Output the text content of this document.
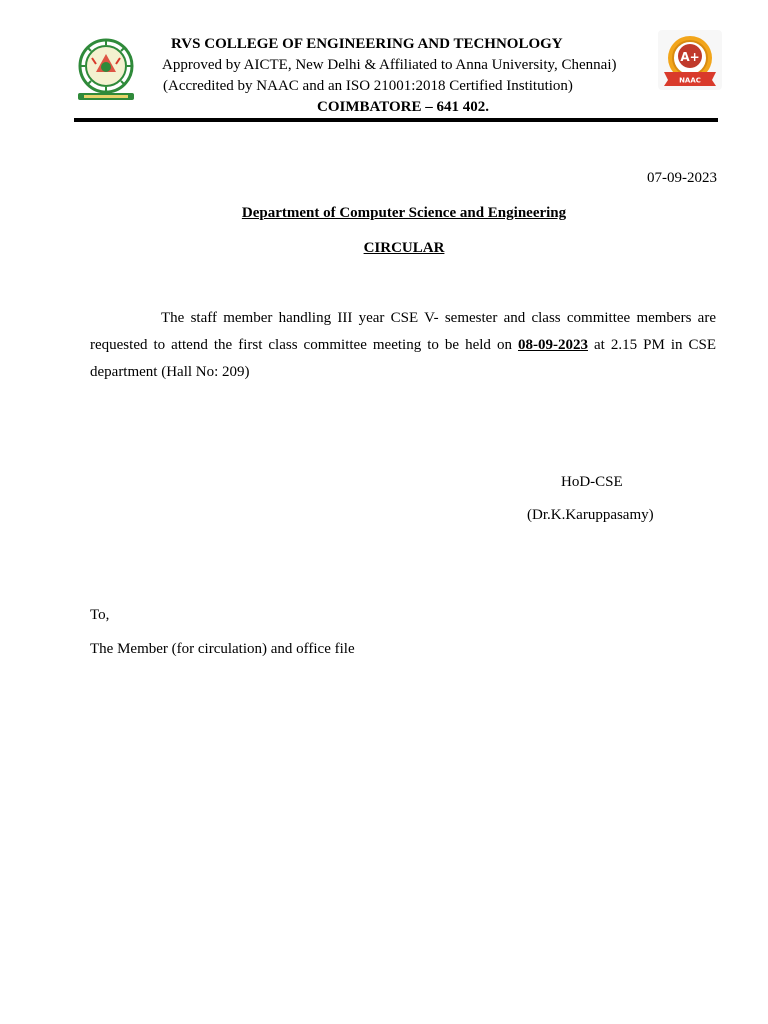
RVS COLLEGE OF ENGINEERING AND TECHNOLOGY
Approved by AICTE, New Delhi & Affiliated to Anna University, Chennai)
(Accredited by NAAC and an ISO 21001:2018 Certified Institution)
COIMBATORE – 641 402.
A+
NAAC
07-09-2023
Department of Computer Science and Engineering
CIRCULAR
The staff member handling III year CSE V- semester and class committee members are requested to attend the first class committee meeting to be held on 08-09-2023 at 2.15 PM in CSE department (Hall No: 209)
HoD-CSE
(Dr.K.Karuppasamy)
To,
The Member (for circulation) and office file
